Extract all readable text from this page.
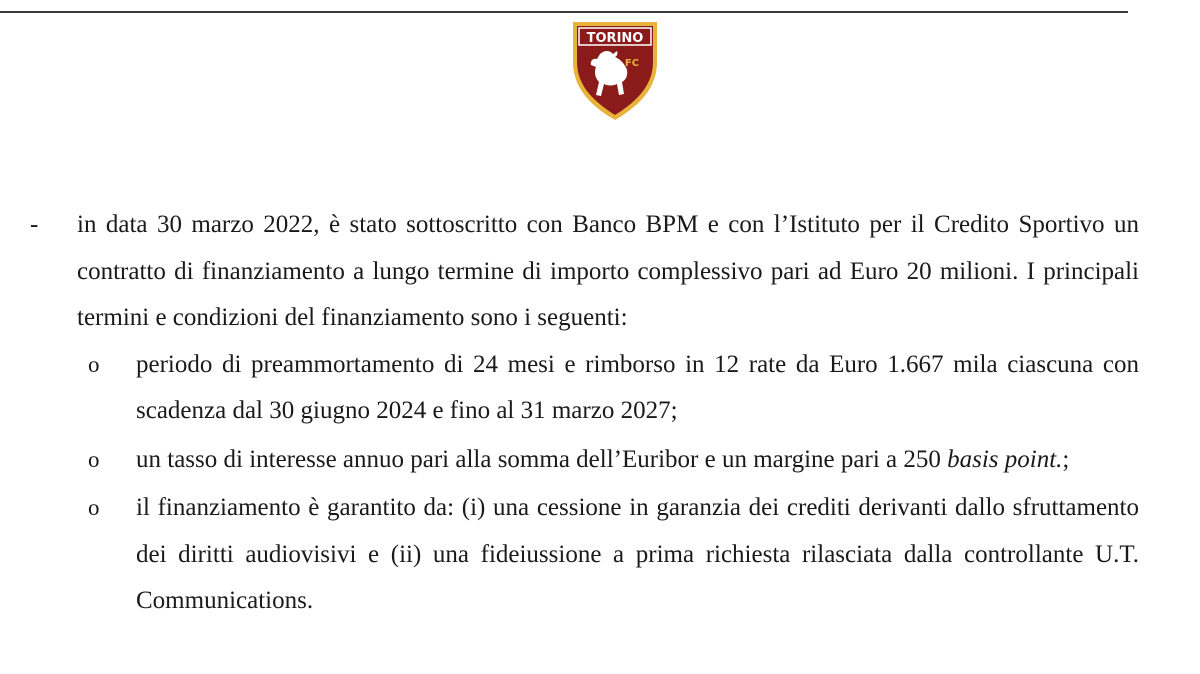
TORINO
FC
- in data 30 marzo 2022, è stato sottoscritto con Banco BPM e con l’Istituto per il Credito Sportivo un contratto di finanziamento a lungo termine di importo complessivo pari ad Euro 20 milioni. I principali termini e condizioni del finanziamento sono i seguenti:
o periodo di preammortamento di 24 mesi e rimborso in 12 rate da Euro 1.667 mila ciascuna con scadenza dal 30 giugno 2024 e fino al 31 marzo 2027;
o un tasso di interesse annuo pari alla somma dell’Euribor e un margine pari a 250 basis point.;
o il finanziamento è garantito da: (i) una cessione in garanzia dei crediti derivanti dallo sfruttamento dei diritti audiovisivi e (ii) una fideiussione a prima richiesta rilasciata dalla controllante U.T. Communications.
